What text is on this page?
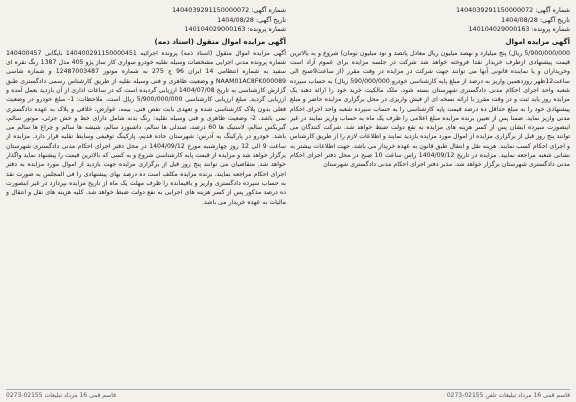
شماره آگهی: 1404039291150000072
تاریخ آگهی: 1404/08/28
شماره پرونده: 140104029000163
آگهی مزایده اموال
5/900/000/000 ریال) پنج میلیارد و نهصد میلیون ریال معادل پانصد و نود میلیون تومان) شروع و به بالاترین قیمت پیشنهادی ازطرف خریدار نقدا فروخته خواهد شد شرکت در جلسه مزایده برای عموم آزاد است وخریداران و یا نماینده قانونی آنها می توانند جهت شرکت در مزایده در وقت مقرر (از ساعت9صبح الی ساعت12ظهر روزدهمین واریز به درصد از مبلغ پایه کارشناسی خودرو 590/000/000 ریال) به حساب سپرده شعبه واحد اجرای احکام مدنی دادگستری شهرستان بسته شود، ملک مالکیت خرید خود را ارائه دهند یک مزایده روز باید ثبت و در وقت مقرر با ارائه نسخه ای از فیش واریزی در محل برگزاری مزایده حاضر و مبلغ پیشنهادی خود را به مبلغ حداقل ده درصد قیمت پایه کارشناسی را به حساب سپرده شعبه واحد اجرای احکام مدنی واریز نماید. ضمنا پس از تعیین برنده مزایده مبلغ اعلامی را ظرف یک ماه به حساب واریز نمایند در غیر اینصورت سپرده ایشان پس از کسر هزینه های مزایده به نفع دولت ضبط خواهد شد. شرکت کنندگان می توانند پنج روز قبل از برگزاری مزایده از اموال مورد مزایده بازدید نمایند و اطلاعات لازم را از طریق کارشناس و اجرای احکام کسب نمایند. هزینه نقل و انتقال طبق قانون به عهده خریدار می باشد. جهت اطلاعات بیشتر به نشانی شعبه مراجعه نمایید. مزایده در تاریخ 1404/09/12 راس ساعت 10 صبح در محل دفتر اجرای احکام مدنی دادگستری شهرستان برگزار خواهد شد. مدیر دفتر اجرای احکام مدنی دادگستری شهرستان
شماره آگهی: 1404039291150000072
تاریخ آگهی: 1404/08/28
شماره پرونده: 140104029000163
آگهی مزایده اموال منقول (اسناد ذمه)
آگهی مزایده اموال منقول (اسناد ذمه) پرونده اجرائیه 140400291150000451 بایگانی 140400457 شماره پرونده مدنی اجرایی مشخصات وسیله نقلیه خودرو سواری کار ساز پژو 405 مدل 1387 رنگ نقره ای سفید به شماره انتظامی 14 ایران 96 ج 275 به شماره موتور 12487003487 و شماره شاسی NAAM01AC8FK000089 و وضعیت ظاهری و فنی وسیله نقلیه از طریق کارشناس رسمی دادگستری طبق گزارش کارشناسی به تاریخ 1404/07/08 ارزیابی گردیده است که در ساعات اداری از آن بازدید بعمل آمده و ارزیابی گردید. مبلغ ارزیابی کارشناسی 5/900/000/000 ریال است. ملاحظات: 1- مبلغ خودرو در وضعیت فعلی بدون پلاک کارشناسی شده و تعهدی بابت نقص فنی، بیمه، عوارض، خلافی و پلاک به عهده دادگستری نمی باشد. 2- وضعیت ظاهری و فنی وسیله نقلیه: رنگ بدنه شامل دارای خط و خش جزئی، موتور سالم، گیربکس سالم، لاستیک ها 60 درصد، صندلی ها سالم، داشبورد سالم، شیشه ها سالم و چراغ ها سالم می باشد. خودرو در پارکینگ به آدرس: شهرستان جاده قدیم، پارکینگ توقیفی وسایط نقلیه قرار دارد. مزایده از ساعت 9 الی 12 روز چهارشنبه مورخ 1404/09/12 در محل دفتر اجرای احکام مدنی دادگستری شهرستان برگزار خواهد شد و مزایده از قیمت پایه کارشناسی شروع و به کسی که بالاترین قیمت را پیشنهاد نماید واگذار خواهد شد. متقاضیان می توانند پنج روز قبل از برگزاری مزایده جهت بازدید از اموال مورد مزایده به دفتر اجرای احکام مراجعه نمایند. برنده مزایده مکلف است ده درصد بهای پیشنهادی را فی المجلس به صورت نقد به حساب سپرده دادگستری واریز و باقیمانده را ظرف مهلت یک ماه از تاریخ مزایده بپردازد در غیر اینصورت ده درصد مذکور پس از کسر هزینه های اجرایی به نفع دولت ضبط خواهد شد. کلیه هزینه های نقل و انتقال و مالیات به عهده خریدار می باشد.
قاسم قمی 16 مرداد تبلیغات تلفن 02155-0273
قاسم قمی 16 مرداد تبلیغات 02155-0273
